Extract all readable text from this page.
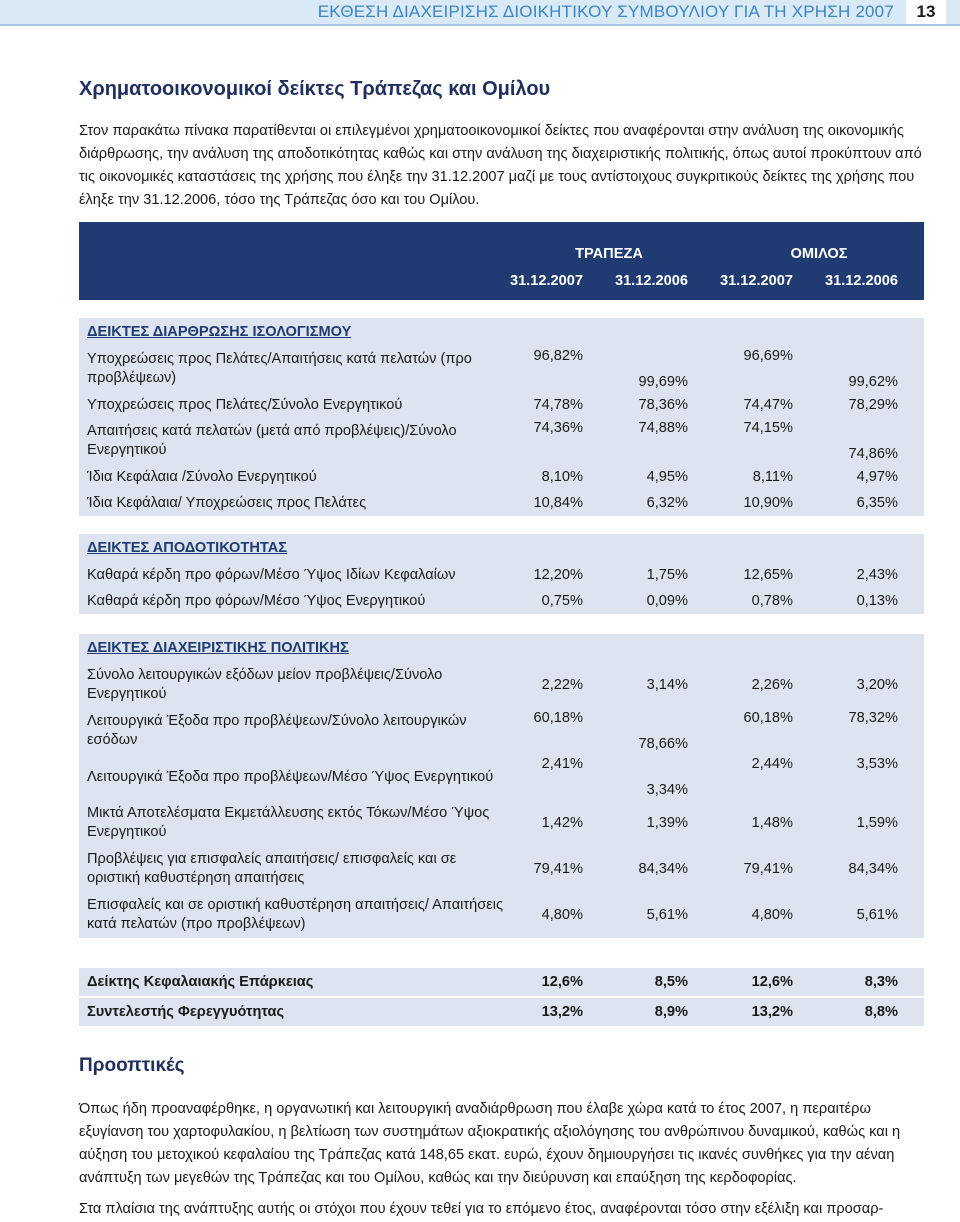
ΕΚΘΕΣΗ ΔΙΑΧΕΙΡΙΣΗΣ ΔΙΟΙΚΗΤΙΚΟΥ ΣΥΜΒΟΥΛΙΟΥ ΓΙΑ ΤΗ ΧΡΗΣΗ 2007	13
Χρηματοοικονομικοί δείκτες Τράπεζας και Ομίλου

Στον παρακάτω πίνακα παρατίθενται οι επιλεγμένοι χρηματοοικονομικοί δείκτες που αναφέρονται στην ανάλυση της οικονομικής διάρθρωσης, την ανάλυση της αποδοτικότητας καθώς και στην ανάλυση της διαχειριστικής πολιτικής, όπως αυτοί προκύπτουν από τις οικονομικές καταστάσεις της χρήσης που έληξε την 31.12.2007 μαζί με τους αντίστοιχους συγκριτικούς δείκτες της χρήσης που έληξε την 31.12.2006, τόσο της Τράπεζας όσο και του Ομίλου.

	ΤΡΑΠΕΖΑ		ΟΜΙΛΟΣ	
	31.12.2007	31.12.2006	31.12.2007	31.12.2006

ΔΕΙΚΤΕΣ ΔΙΑΡΘΡΩΣΗΣ ΙΣΟΛΟΓΙΣΜΟΥ				
Υποχρεώσεις προς Πελάτες/Απαιτήσεις κατά πελατών (προ προβλέψεων)	96,82%	99,69%	96,69%	99,62%
Υποχρεώσεις προς Πελάτες/Σύνολο Ενεργητικού	74,78%	78,36%	74,47%	78,29%
Απαιτήσεις κατά πελατών (μετά από προβλέψεις)/Σύνολο Ενεργητικού	74,36%	74,88%	74,15%	74,86%
Ίδια Κεφάλαια /Σύνολο Ενεργητικού	8,10%	4,95%	8,11%	4,97%
Ίδια Κεφάλαια/ Υποχρεώσεις προς Πελάτες	10,84%	6,32%	10,90%	6,35%

ΔΕΙΚΤΕΣ ΑΠΟΔΟΤΙΚΟΤΗΤΑΣ				
Καθαρά κέρδη προ φόρων/Μέσο Ύψος Ιδίων Κεφαλαίων	12,20%	1,75%	12,65%	2,43%
Καθαρά κέρδη προ φόρων/Μέσο Ύψος Ενεργητικού	0,75%	0,09%	0,78%	0,13%

ΔΕΙΚΤΕΣ ΔΙΑΧΕΙΡΙΣΤΙΚΗΣ ΠΟΛΙΤΙΚΗΣ				
Σύνολο λειτουργικών εξόδων μείον προβλέψεις/Σύνολο Ενεργητικού	2,22%	3,14%	2,26%	3,20%
Λειτουργικά Έξοδα προ προβλέψεων/Σύνολο λειτουργικών εσόδων	60,18%	78,66%	60,18%	78,32%
Λειτουργικά Έξοδα προ προβλέψεων/Μέσο Ύψος Ενεργητικού	2,41%	3,34%	2,44%	3,53%
Μικτά Αποτελέσματα Εκμετάλλευσης εκτός Τόκων/Μέσο Ύψος Ενεργητικού	1,42%	1,39%	1,48%	1,59%
Προβλέψεις για επισφαλείς απαιτήσεις/ επισφαλείς και σε οριστική καθυστέρηση απαιτήσεις	79,41%	84,34%	79,41%	84,34%
Επισφαλείς και σε οριστική καθυστέρηση απαιτήσεις/ Απαιτήσεις κατά πελατών (προ προβλέψεων)	4,80%	5,61%	4,80%	5,61%

Δείκτης Κεφαλαιακής Επάρκειας	12,6%	8,5%	12,6%	8,3%
Συντελεστής Φερεγγυότητας	13,2%	8,9%	13,2%	8,8%
Προοπτικές

Όπως ήδη προαναφέρθηκε, η οργανωτική και λειτουργική αναδιάρθρωση που έλαβε χώρα κατά το έτος 2007, η περαιτέρω εξυγίανση του χαρτοφυλακίου, η βελτίωση των συστημάτων αξιοκρατικής αξιολόγησης του ανθρώπινου δυναμικού, καθώς και η αύξηση του μετοχικού κεφαλαίου της Τράπεζας κατά 148,65 εκατ. ευρώ, έχουν δημιουργήσει τις ικανές συνθήκες για την αέναη ανάπτυξη των μεγεθών της Τράπεζας και του Ομίλου, καθώς και την διεύρυνση και επαύξηση της κερδοφορίας.

Στα πλαίσια της ανάπτυξης αυτής οι στόχοι που έχουν τεθεί για το επόμενο έτος, αναφέρονται τόσο στην εξέλιξη και προσαρ-
